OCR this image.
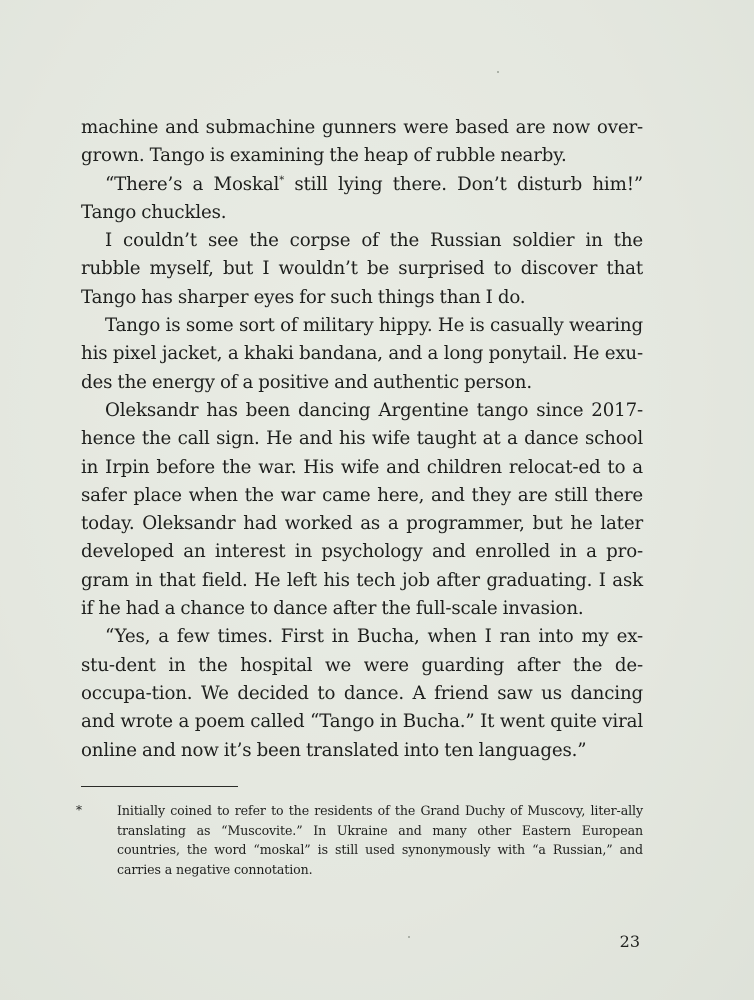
machine and submachine gunners were based are now over-grown. Tango is examining the heap of rubble nearby.

“There’s a Moskal* still lying there. Don’t disturb him!” Tango chuckles.

I couldn’t see the corpse of the Russian soldier in the rubble myself, but I wouldn’t be surprised to discover that Tango has sharper eyes for such things than I do.

Tango is some sort of military hippy. He is casually wearing his pixel jacket, a khaki bandana, and a long ponytail. He exu-des the energy of a positive and authentic person.

Oleksandr has been dancing Argentine tango since 2017-hence the call sign. He and his wife taught at a dance school in Irpin before the war. His wife and children relocat-ed to a safer place when the war came here, and they are still there today. Oleksandr had worked as a programmer, but he later developed an interest in psychology and enrolled in a pro-gram in that field. He left his tech job after graduating. I ask if he had a chance to dance after the full-scale invasion.

“Yes, a few times. First in Bucha, when I ran into my ex-stu-dent in the hospital we were guarding after the de-occupa-tion. We decided to dance. A friend saw us dancing and wrote a poem called “Tango in Bucha.” It went quite viral online and now it’s been translated into ten languages.”

*	Initially coined to refer to the residents of the Grand Duchy of Muscovy, liter-ally translating as “Muscovite.” In Ukraine and many other Eastern European countries, the word “moskal” is still used synonymously with “a Russian,” and carries a negative connotation.

23
